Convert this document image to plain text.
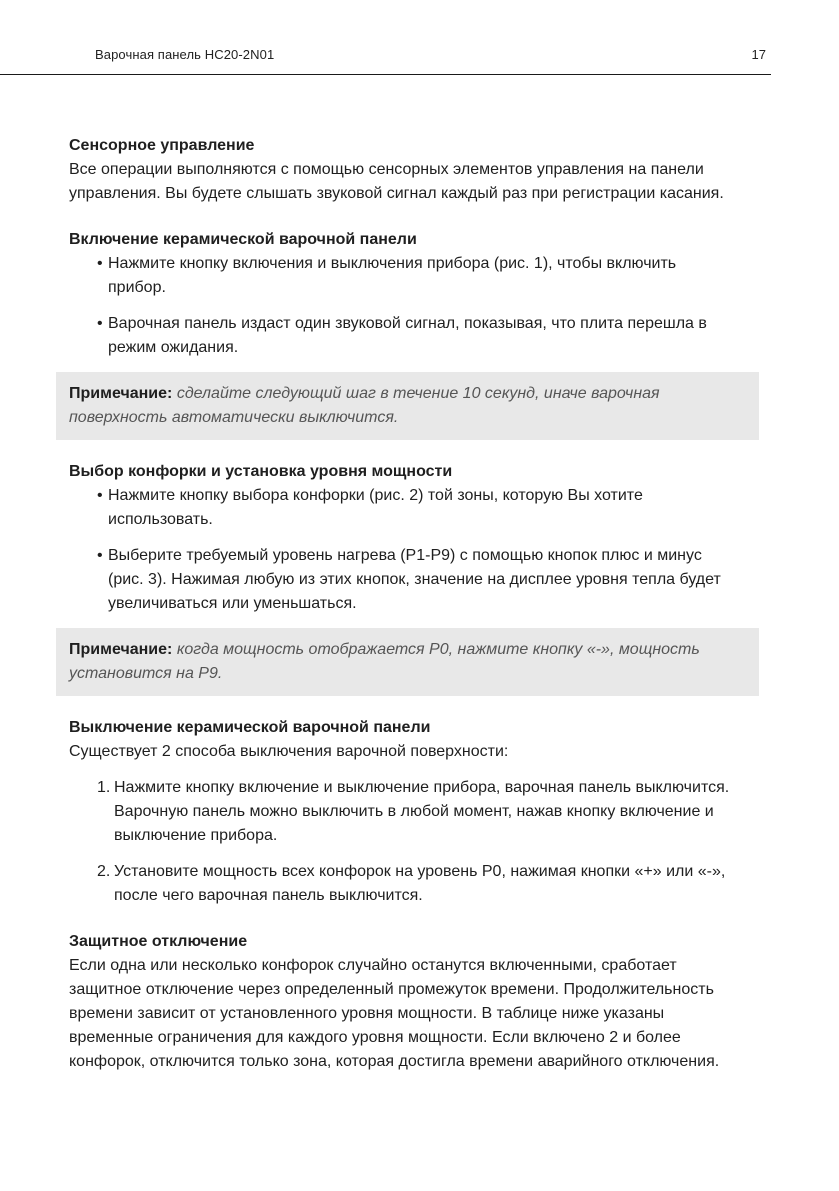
Варочная панель HC20-2N01	17

Сенсорное управление

Все операции выполняются с помощью сенсорных элементов управления на панели управления. Вы будете слышать звуковой сигнал каждый раз при регистрации касания.

Включение керамической варочной панели

• Нажмите кнопку включения и выключения прибора (рис. 1), чтобы включить прибор.
• Варочная панель издаст один звуковой сигнал, показывая, что плита перешла в режим ожидания.
Примечание: сделайте следующий шаг в течение 10 секунд, иначе варочная поверхность автоматически выключится.

Выбор конфорки и установка уровня мощности

• Нажмите кнопку выбора конфорки (рис. 2) той зоны, которую Вы хотите использовать.
• Выберите требуемый уровень нагрева (P1-P9) с помощью кнопок плюс и минус (рис. 3). Нажимая любую из этих кнопок, значение на дисплее уровня тепла будет увеличиваться или уменьшаться.
Примечание: когда мощность отображается P0, нажмите кнопку «-», мощность установится на P9.

Выключение керамической варочной панели

Существует 2 способа выключения варочной поверхности:

1. Нажмите кнопку включение и выключение прибора, варочная панель выключится. Варочную панель можно выключить в любой момент, нажав кнопку включение и выключение прибора.
2. Установите мощность всех конфорок на уровень P0, нажимая кнопки «+» или «-», после чего варочная панель выключится.

Защитное отключение

Если одна или несколько конфорок случайно останутся включенными, сработает защитное отключение через определенный промежуток времени. Продолжительность времени зависит от установленного уровня мощности. В таблице ниже указаны временные ограничения для каждого уровня мощности. Если включено 2 и более конфорок, отключится только зона, которая достигла времени аварийного отключения.
